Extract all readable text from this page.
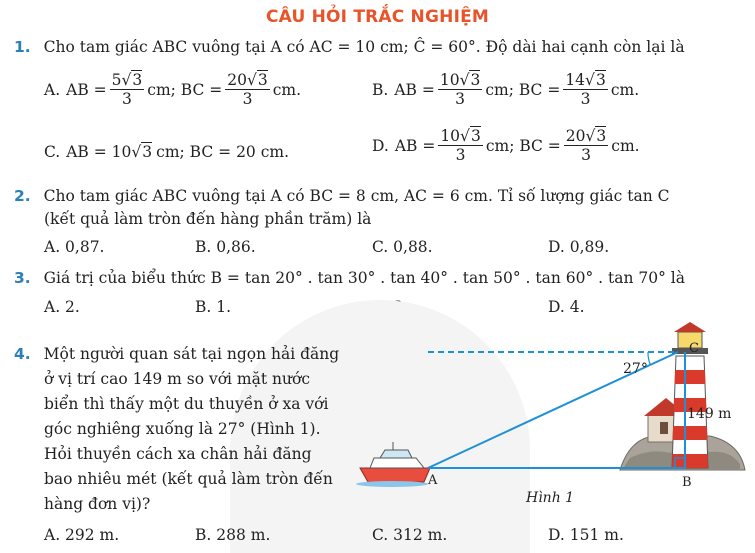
CÂU HỎI TRẮC NGHIỆM
1. Cho tam giác ABC vuông tại A có AC = 10 cm; Ĉ = 60°. Độ dài hai cạnh còn lại là
A. AB = $\frac{5√3}{3}$ cm; BC = $\frac{20√3}{3}$ cm.	B. AB = $\frac{10√3}{3}$ cm; BC = $\frac{14√3}{3}$ cm.
C. AB = 10 √3 cm; BC = 20 cm.	D. AB = $\frac{10√3}{3}$ cm; BC = $\frac{20√3}{3}$ cm.
2. Cho tam giác ABC vuông tại A có BC = 8 cm, AC = 6 cm. Tỉ số lượng giác tan C
(kết quả làm tròn đến hàng phần trăm) là
A. 0,87.	B. 0,86.	C. 0,88.	D. 0,89.
3. Giá trị của biểu thức B = tan 20° . tan 30° . tan 40° . tan 50° . tan 60° . tan 70° là
A. 2.	B. 1.	D. 4.
4. Một người quan sát tại ngọn hải đăng
ở vị trí cao 149 m so với mặt nước
biển thì thấy một du thuyền ở xa với
góc nghiêng xuống là 27° (Hình 1).
Hỏi thuyền cách xa chân hải đăng
bao nhiêu mét (kết quả làm tròn đến
hàng đơn vị)?
A. 292 m.	B. 288 m.	C. 312 m.	D. 151 m.
27°
C
149 m
A	B
Hình 1
